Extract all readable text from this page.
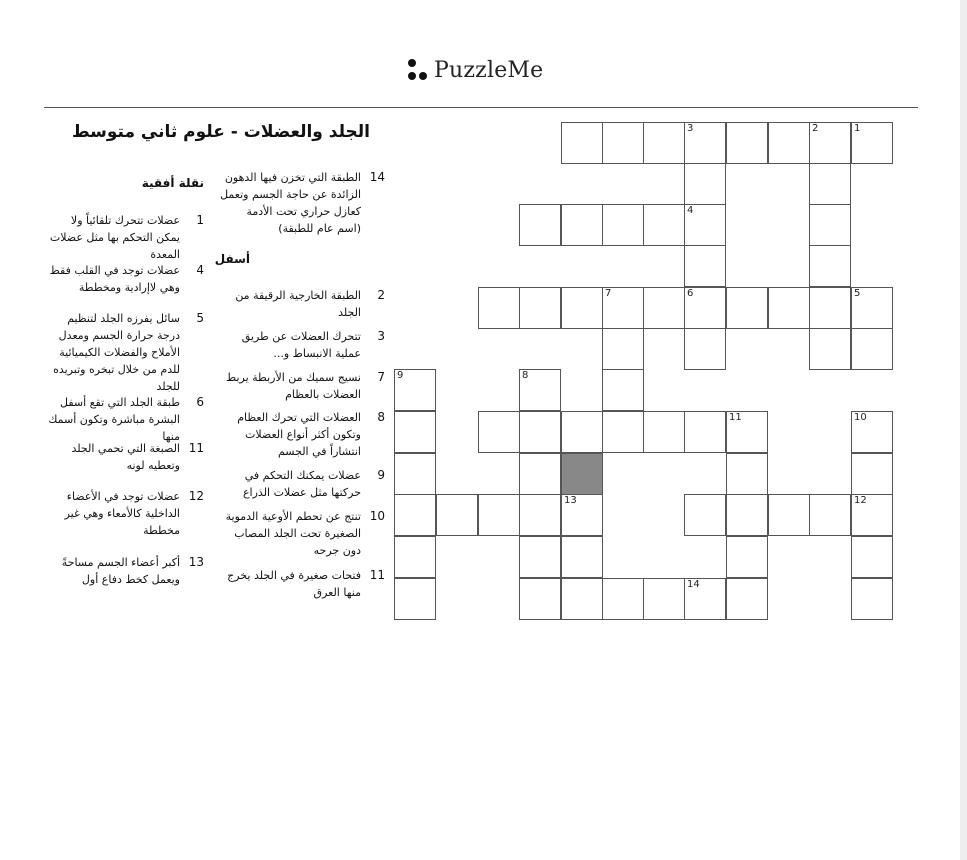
PuzzleMe
الجلد والعضلات - علوم ثاني متوسط
نقلة أفقية
1
عضلات تتحرك تلقائياً ولا يمكن التحكم بها مثل عضلات المعدة
4
عضلات توجد في القلب فقط وهي لاإرادية ومخططة
5
سائل يفرزه الجلد لتنظيم درجة حرارة الجسم ومعدل الأملاح والفضلات الكيميائية للدم من خلال تبخره وتبريده للجلد
6
طبقة الجلد التي تقع أسفل البشرة مباشرة وتكون أسمك منها
11
الصبغة التي تحمي الجلد وتعطيه لونه
12
عضلات توجد في الأعضاء الداخلية كالأمعاء وهي غير مخططة
13
أكبر أعضاء الجسم مساحةً ويعمل كخط دفاع أول
14
الطبقة التي تخزن فيها الدهون الزائدة عن حاجة الجسم وتعمل كعازل حراري تحت الأدمة (اسم عام للطبقة)
أسفل
2
الطبقة الخارجية الرقيقة من الجلد
3
تتحرك العضلات عن طريق عملية الانبساط و...
7
نسيج سميك من الأربطة يربط العضلات بالعظام
8
العضلات التي تحرك العظام وتكون أكثر أنواع العضلات انتشاراً في الجسم
9
عضلات يمكنك التحكم في حركتها مثل عضلات الذراع
10
تنتج عن تحطم الأوعية الدموية الصغيرة تحت الجلد المصاب دون جرحه
11
فتحات صغيرة في الجلد يخرج منها العرق
3	2	1
4
7	6	5
9	8
11	10
13	12
14
